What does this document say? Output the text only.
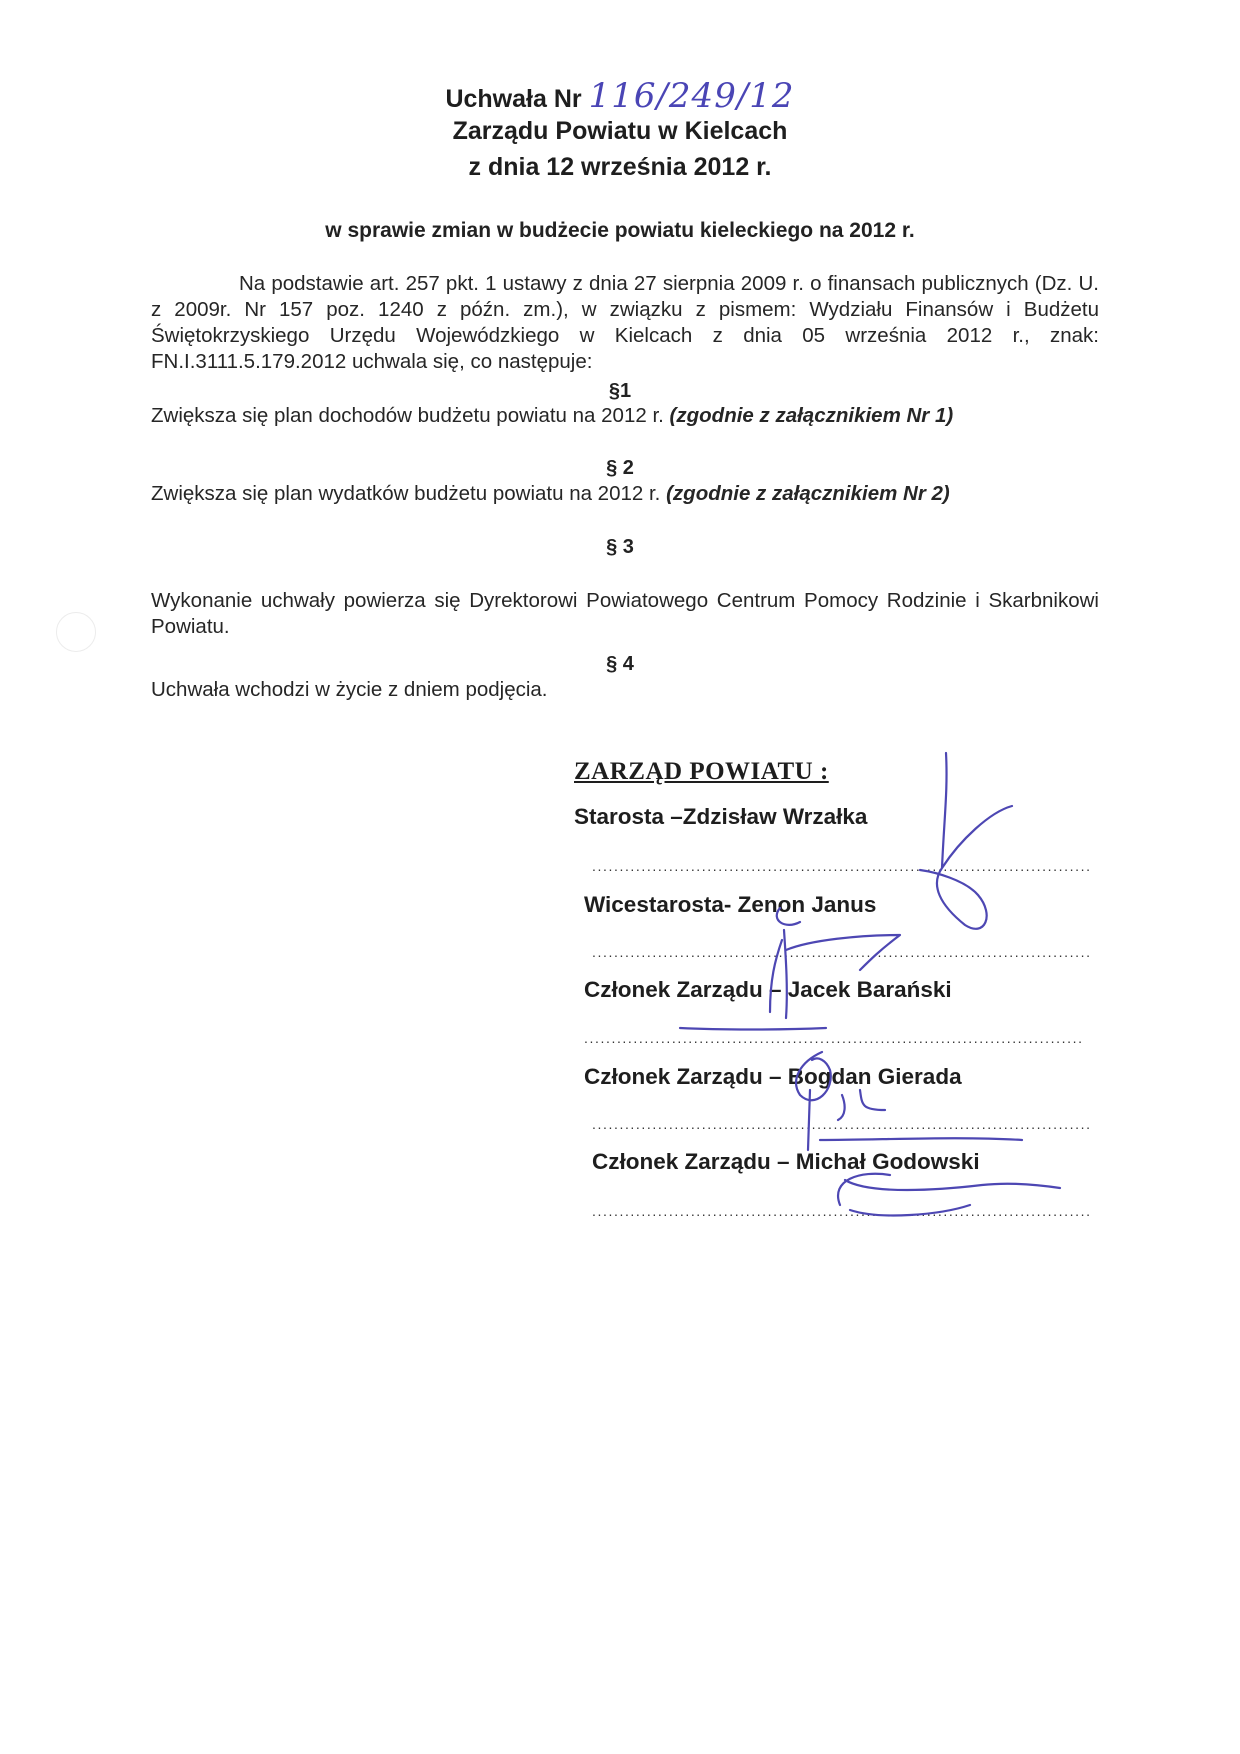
Uchwała Nr 116/249/12
Zarządu Powiatu w Kielcach
z dnia 12 września 2012 r.
w sprawie zmian w budżecie powiatu kieleckiego na 2012 r.
Na podstawie art. 257 pkt. 1 ustawy z dnia 27 sierpnia 2009 r. o finansach publicznych (Dz. U. z 2009r. Nr 157 poz. 1240 z późn. zm.), w związku z pismem: Wydziału Finansów i Budżetu Świętokrzyskiego Urzędu Wojewódzkiego w Kielcach z dnia 05 września 2012 r., znak: FN.I.3111.5.179.2012 uchwala się, co następuje:
§1
Zwiększa się plan dochodów budżetu powiatu na 2012 r. (zgodnie z załącznikiem Nr 1)
§ 2
Zwiększa się plan wydatków budżetu powiatu na 2012 r. (zgodnie z załącznikiem Nr 2)
§ 3
Wykonanie uchwały powierza się Dyrektorowi Powiatowego Centrum Pomocy Rodzinie i Skarbnikowi Powiatu.
§ 4
Uchwała wchodzi w życie z dniem podjęcia.
ZARZĄD POWIATU :
Starosta –Zdzisław Wrzałka
...........................................................................................
Wicestarosta- Zenon Janus
...........................................................................................
Członek Zarządu – Jacek Barański
...........................................................................................
Członek Zarządu – Bogdan Gierada
...........................................................................................
Członek Zarządu – Michał Godowski
...........................................................................................
